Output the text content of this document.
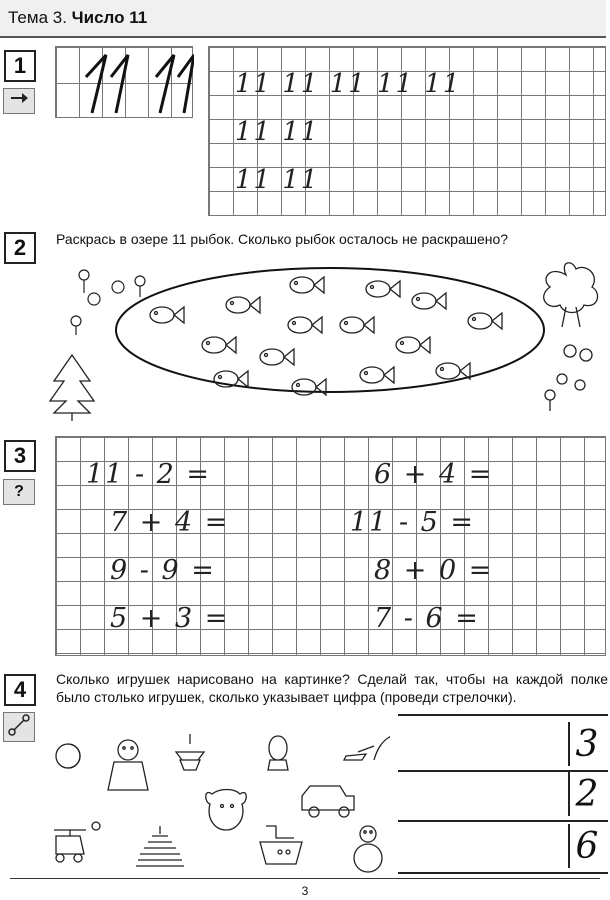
Тема 3. Число 11
1
11 11 11 11 11
11 11
11 11
2	Раскрась в озере 11 рыбок. Сколько рыбок осталось не раскрашено?
3
?
11 - 2 =
7 + 4 =
9 - 9 =
5 + 3 =
6 + 4 =
11 - 5 =
8 + 0 =
7 - 6 =
4	Сколько игрушек нарисовано на картинке? Сделай так, чтобы на каждой полке было столько игрушек, сколько указывает цифра (проведи стрелочки).
3
2
6
3
